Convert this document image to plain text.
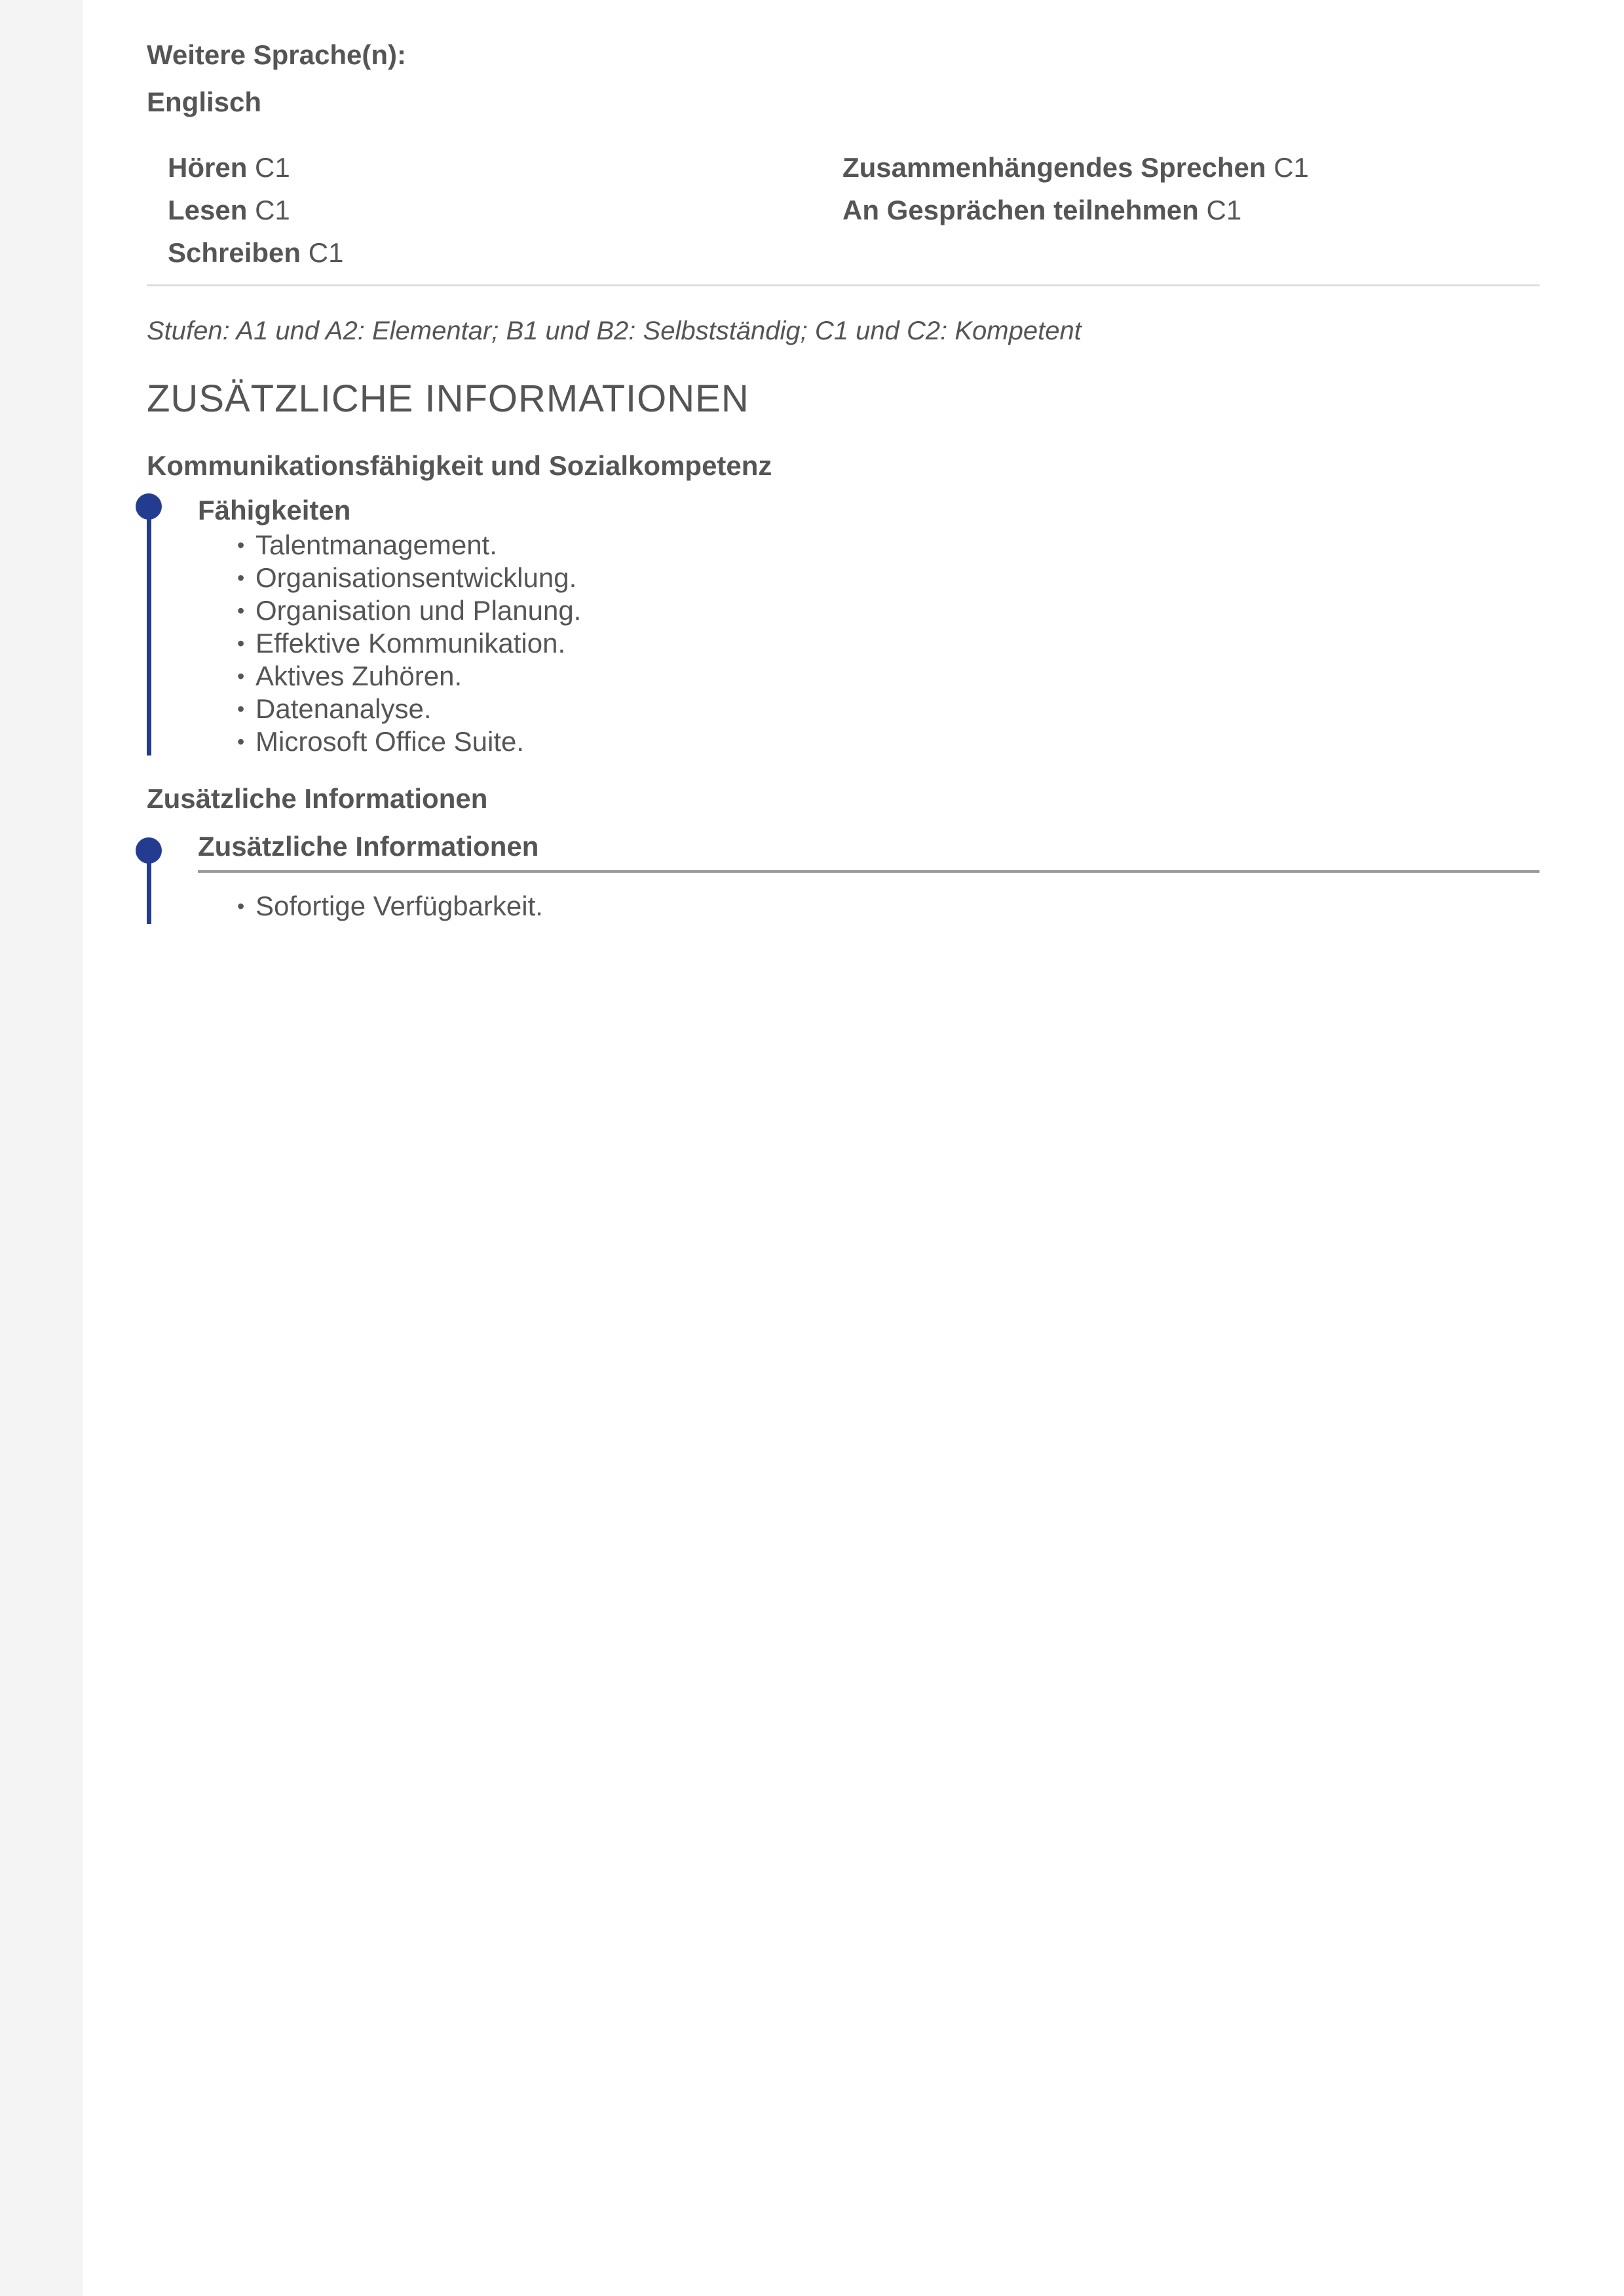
Weitere Sprache(n):
Englisch
Hören C1
Lesen C1
Schreiben C1
Zusammenhängendes Sprechen C1
An Gesprächen teilnehmen C1
Stufen: A1 und A2: Elementar; B1 und B2: Selbstständig; C1 und C2: Kompetent
ZUSÄTZLICHE INFORMATIONEN
Kommunikationsfähigkeit und Sozialkompetenz
Fähigkeiten
• Talentmanagement.
• Organisationsentwicklung.
• Organisation und Planung.
• Effektive Kommunikation.
• Aktives Zuhören.
• Datenanalyse.
• Microsoft Office Suite.
Zusätzliche Informationen
Zusätzliche Informationen
• Sofortige Verfügbarkeit.
